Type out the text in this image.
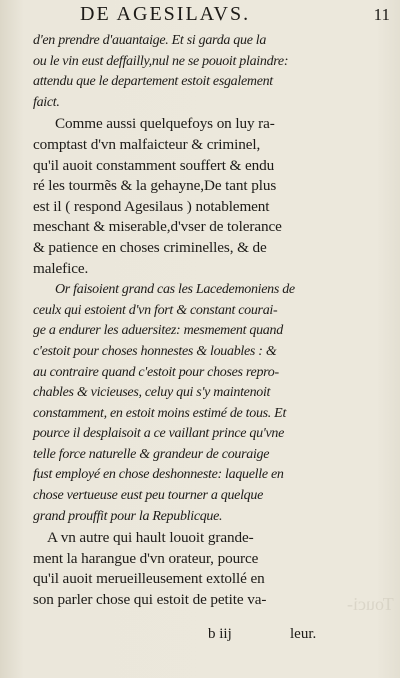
DE AGESILAVS.	11
d'en prendre d'auantaige. Et si garda que la
ou le vin eust deffailly,nul ne se pouoit plaindre:
attendu que le departement estoit esgalement
faict.
Comme aussi quelquefoys on luy ra-
comptast d'vn malfaicteur & criminel,
qu'il auoit constamment souffert & endu
ré les tourmẽs & la gehayne,De tant plus
est il ( respond Agesilaus ) notablement
meschant & miserable,d'vser de tolerance
& patience en choses criminelles, & de
malefice.
Or faisoient grand cas les Lacedemoniens de
ceulx qui estoient d'vn fort & constant courai-
ge a endurer les aduersitez: mesmement quand
c'estoit pour choses honnestes & louables : &
au contraire quand c'estoit pour choses repro-
chables & vicieuses, celuy qui s'y maintenoit
constamment, en estoit moins estimé de tous. Et
pource il desplaisoit a ce vaillant prince qu'vne
telle force naturelle & grandeur de couraige
fust employé en chose deshonneste: laquelle en
chose vertueuse eust peu tourner a quelque
grand prouffit pour la Republicque.
A vn autre qui hault louoit grande-
ment la harangue d'vn orateur, pource
qu'il auoit merueilleusement extollé en
son parler chose qui estoit de petite va-
b iij	leur.
Touci-
